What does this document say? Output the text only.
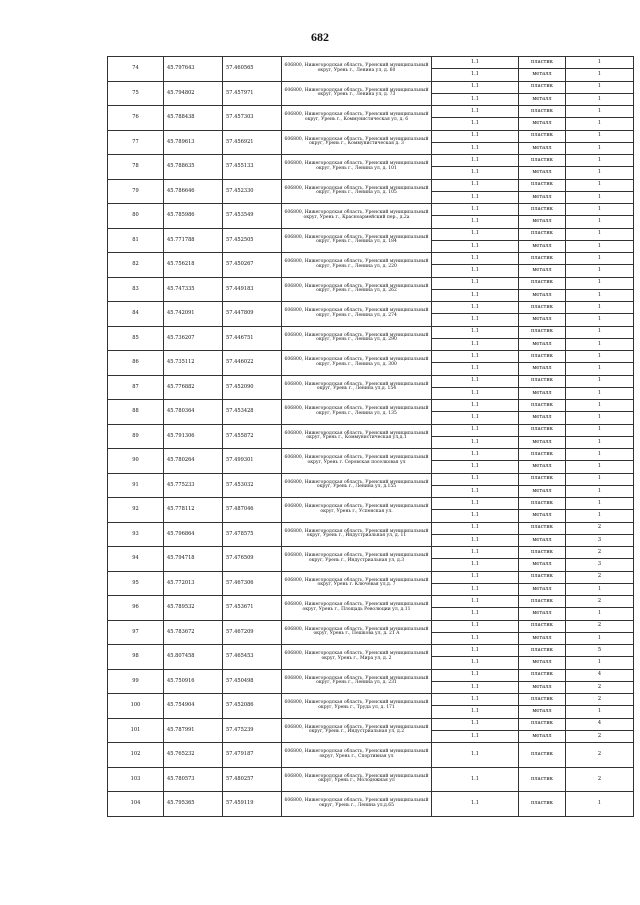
682
74	45.797643	57.460565	606800, Нижегородская область, Уренский муниципальный округ, Урень г., Ленина ул, д. 60	1.1	пластик	1
				1.1	металл	1
75	45.794802	57.457971	606800, Нижегородская область, Уренский муниципальный округ, Урень г., Ленина ул, д. 73	1.1	пластик	1
				1.1	металл	1
76	45.788438	57.457303	606800, Нижегородская область, Уренский муниципальный округ, Урень г., Коммунистическая ул, д. 6	1.1	пластик	1
				1.1	металл	1
77	45.789613	57.456921	606800, Нижегородская область, Уренский муниципальный округ, Урень г., Коммунистическая д. 3	1.1	пластик	1
				1.1	металл	1
78	45.788635	57.455133	606800, Нижегородская область, Уренский муниципальный округ, Урень г., Ленина ул, д. 101	1.1	пластик	1
				1.1	металл	1
79	45.786646	57.452330	606800, Нижегородская область, Уренский муниципальный округ, Урень г., Ленина ул, д. 105	1.1	пластик	1
				1.1	металл	1
80	45.785986	57.453549	606800, Нижегородская область, Уренский муниципальный округ, Урень г., Красноармейский пер., д.2а	1.1	пластик	1
				1.1	металл	1
81	45.771788	57.452505	606800, Нижегородская область, Уренский муниципальный округ, Урень г., Ленина ул, д. 184	1.1	пластик	1
				1.1	металл	1
82	45.756218	57.450267	606800, Нижегородская область, Уренский муниципальный округ, Урень г., Ленина ул, д. 220	1.1	пластик	1
				1.1	металл	1
83	45.747335	57.449183	606800, Нижегородская область, Уренский муниципальный округ, Урень г., Ленина ул, д. 262	1.1	пластик	1
				1.1	металл	1
84	45.742091	57.447809	606800, Нижегородская область, Уренский муниципальный округ, Урень г., Ленина ул, д. 274	1.1	пластик	1
				1.1	металл	1
85	45.736207	57.446751	606800, Нижегородская область, Уренский муниципальный округ, Урень г., Ленина ул, д. 290	1.1	пластик	1
				1.1	металл	1
86	45.735112	57.446022	606800, Нижегородская область, Уренский муниципальный округ, Урень г., Ленина ул, д. 300	1.1	пластик	1
				1.1	металл	1
87	45.776882	57.452090	606800, Нижегородская область, Уренский муниципальный округ, Урень г., Ленина ул,д. 154	1.1	пластик	1
				1.1	металл	1
88	45.780364	57.453428	606800, Нижегородская область, Уренский муниципальный округ, Урень г., Ленина ул, д. 135	1.1	пластик	1
				1.1	металл	1
89	45.791306	57.455872	606800, Нижегородская область, Уренский муниципальный округ, Урень г., Коммунистическая ул,д.1	1.1	пластик	1
				1.1	металл	1
90	45.780264	57.499301	606800, Нижегородская область, Уренский муниципальный округ, Урень г. Серовская поселковая ул	1.1	пластик	1
				1.1	металл	1
91	45.775233	57.453032	606800, Нижегородская область, Уренский муниципальный округ, Урень г., Ленина ул, д.155	1.1	пластик	1
				1.1	металл	1
92	45.778112	57.487046	606800, Нижегородская область, Уренский муниципальный округ, Урень г., Успенская ул.	1.1	пластик	1
				1.1	металл	1
93	45.796864	57.478575	606800, Нижегородская область, Уренский муниципальный округ, Урень г., Индустриальная ул, д. 11	1.1	пластик	2
				1.1	металл	3
94	45.794718	57.476509	606800, Нижегородская область, Уренский муниципальный округ, Урень г., Индустриальная ул, д.3	1.1	пластик	2
				1.1	металл	3
95	45.772013	57.467306	606800, Нижегородская область, Уренский муниципальный округ, Урень г. Ключевая ул,д. 7	1.1	пластик	2
				1.1	металл	1
96	45.789532	57.453671	606800, Нижегородская область, Уренский муниципальный округ, Урень г., Площадь Революции ул, д.11	1.1	пластик	2
				1.1	металл	1
97	45.783672	57.467209	606800, Нижегородская область, Уренский муниципальный округ, Урень г., Пешкова ул, д. 21 А	1.1	пластик	2
				1.1	металл	1
98	45.807458	57.465453	606800, Нижегородская область, Уренский муниципальный округ, Урень г., Мира ул, д. 2	1.1	пластик	5
				1.1	металл	1
99	45.750916	57.450498	606800, Нижегородская область, Уренский муниципальный округ, Урень г., Ленина ул, д. 231	1.1	пластик	4
				1.1	металл	2
100	45.754904	57.452086	606800, Нижегородская область, Уренский муниципальный округ, Урень г., Труда ул, д. 171	1.1	пластик	2
				1.1	металл	1
101	45.787991	57.475239	606800, Нижегородская область, Уренский муниципальный округ, Урень г., Индустриальная ул, д.2	1.1	пластик	4
				1.1	металл	2
102	45.765232	57.479187	606800, Нижегородская область, Уренский муниципальный округ, Урень г., Спортивная ул	1.1	пластик	2
103	45.780573	57.480257	606800, Нижегородская область, Уренский муниципальный округ, Урень г., Молодежная ул	1.1	пластик	2
104	45.795365	57.459119	606800, Нижегородская область, Уренский муниципальный округ, Урень г., Ленина ул,д.65	1.1	пластик	1
